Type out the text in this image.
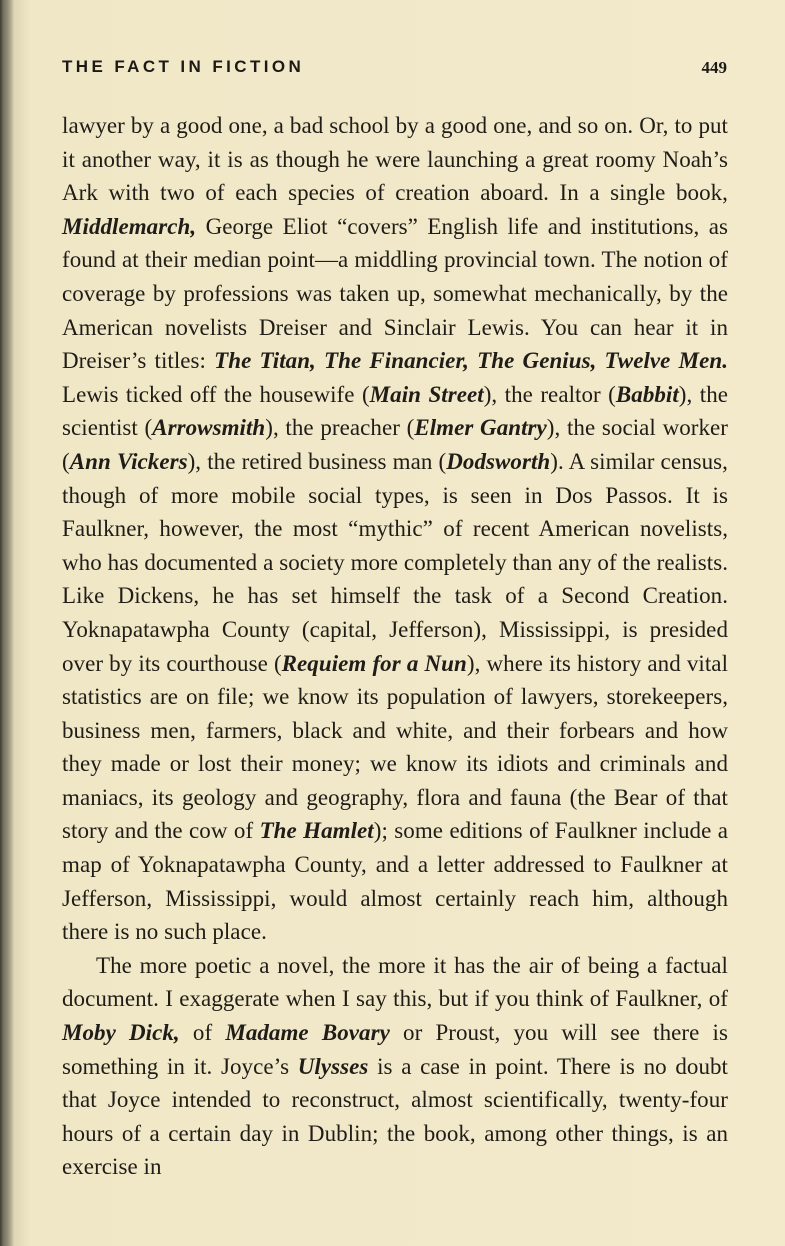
THE FACT IN FICTION	449

lawyer by a good one, a bad school by a good one, and so on. Or, to put it another way, it is as though he were launching a great roomy Noah’s Ark with two of each species of creation aboard. In a single book, Middlemarch, George Eliot “covers” English life and institutions, as found at their median point—a middling provincial town. The notion of coverage by professions was taken up, somewhat mechanically, by the American novelists Dreiser and Sinclair Lewis. You can hear it in Dreiser’s titles: The Titan, The Financier, The Genius, Twelve Men. Lewis ticked off the housewife (Main Street), the realtor (Babbit), the scientist (Arrowsmith), the preacher (Elmer Gantry), the social worker (Ann Vickers), the retired business man (Dodsworth). A similar census, though of more mobile social types, is seen in Dos Passos. It is Faulkner, however, the most “mythic” of recent American novelists, who has documented a society more completely than any of the realists. Like Dickens, he has set himself the task of a Second Creation. Yoknapatawpha County (capital, Jefferson), Mississippi, is presided over by its courthouse (Requiem for a Nun), where its history and vital statistics are on file; we know its population of lawyers, storekeepers, business men, farmers, black and white, and their forbears and how they made or lost their money; we know its idiots and criminals and maniacs, its geology and geography, flora and fauna (the Bear of that story and the cow of The Hamlet); some editions of Faulkner include a map of Yoknapatawpha County, and a letter addressed to Faulkner at Jefferson, Mississippi, would almost certainly reach him, although there is no such place.

The more poetic a novel, the more it has the air of being a factual document. I exaggerate when I say this, but if you think of Faulkner, of Moby Dick, of Madame Bovary or Proust, you will see there is something in it. Joyce’s Ulysses is a case in point. There is no doubt that Joyce intended to reconstruct, almost scientifically, twenty-four hours of a certain day in Dublin; the book, among other things, is an exercise in
